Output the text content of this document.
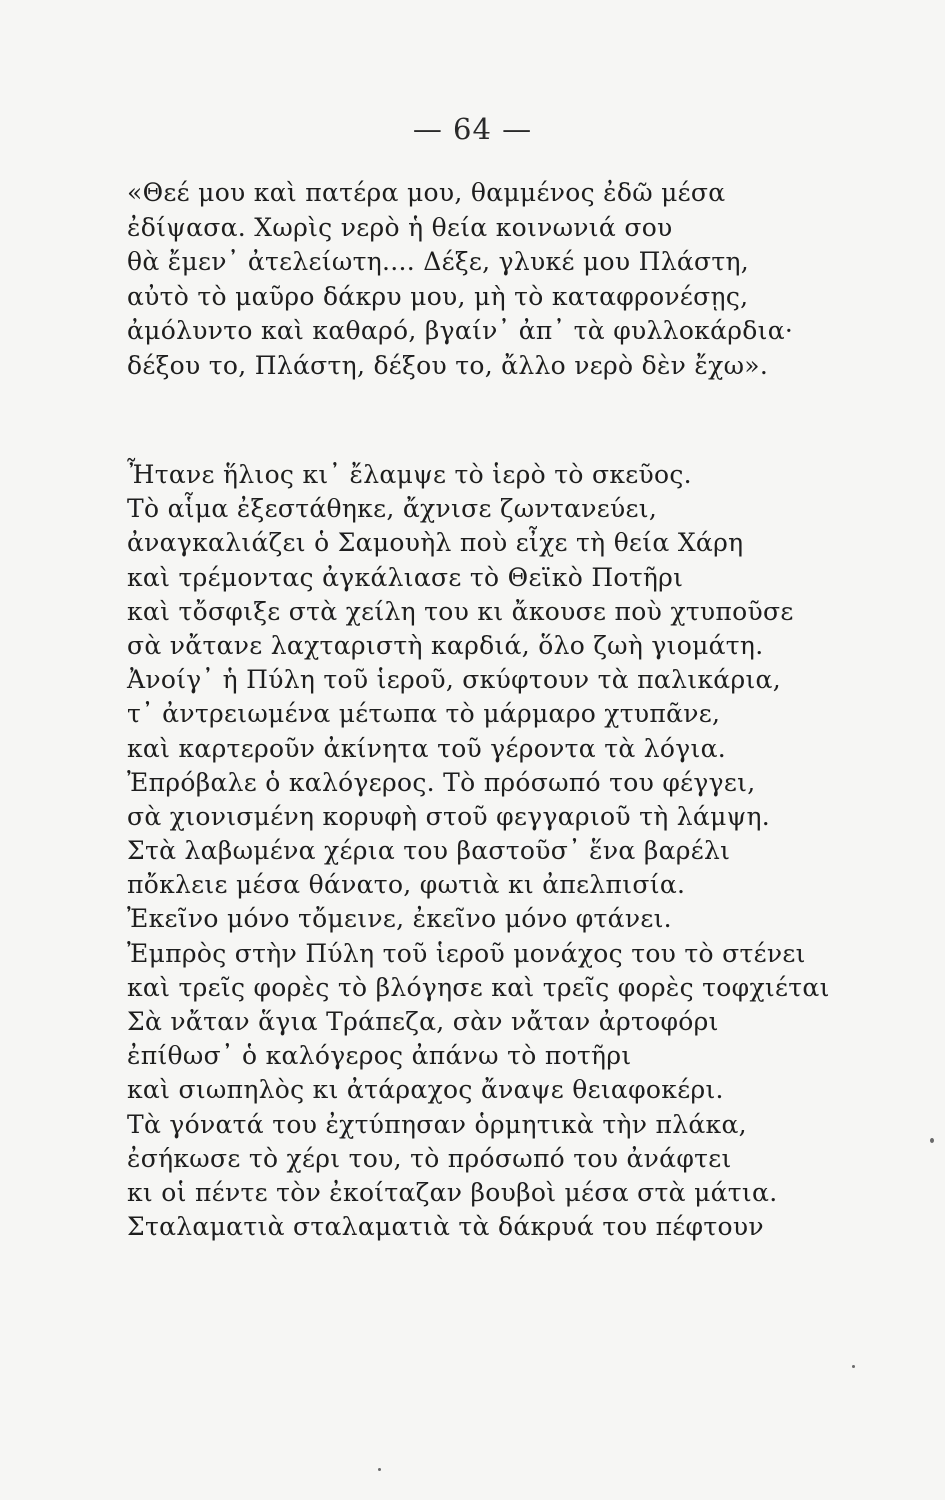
— 64 —
«Θεέ μου καὶ πατέρα μου, θαμμένος ἐδῶ μέσα
ἐδίψασα. Χωρὶς νερὸ ἡ θεία κοινωνιά σου
θὰ ἔμεν᾽ ἀτελείωτη.... Δέξε, γλυκέ μου Πλάστη,
αὐτὸ τὸ μαῦρο δάκρυ μου, μὴ τὸ καταφρονέσῃς,
ἀμόλυντο καὶ καθαρό, βγαίν᾽ ἀπ᾽ τὰ φυλλοκάρδια·
δέξου το, Πλάστη, δέξου το, ἄλλο νερὸ δὲν ἔχω».
Ἦτανε ἥλιος κι᾽ ἔλαμψε τὸ ἱερὸ τὸ σκεῦος.
Τὸ αἷμα ἐξεστάθηκε, ἄχνισε ζωντανεύει,
ἀναγκαλιάζει ὁ Σαμουὴλ ποὺ εἶχε τὴ θεία Χάρη
καὶ τρέμοντας ἀγκάλιασε τὸ Θεϊκὸ Ποτῆρι
καὶ τὄσφιξε στὰ χείλη του κι ἄκουσε ποὺ χτυποῦσε
σὰ νἄτανε λαχταριστὴ καρδιά, ὅλο ζωὴ γιομάτη.
Ἀνοίγ᾽ ἡ Πύλη τοῦ ἱεροῦ, σκύφτουν τὰ παλικάρια,
τ᾽ ἀντρειωμένα μέτωπα τὸ μάρμαρο χτυπᾶνε,
καὶ καρτεροῦν ἀκίνητα τοῦ γέροντα τὰ λόγια.
Ἐπρόβαλε ὁ καλόγερος. Τὸ πρόσωπό του φέγγει,
σὰ χιονισμένη κορυφὴ στοῦ φεγγαριοῦ τὴ λάμψη.
Στὰ λαβωμένα χέρια του βαστοῦσ᾽ ἕνα βαρέλι
πὄκλειε μέσα θάνατο, φωτιὰ κι ἀπελπισία.
Ἐκεῖνο μόνο τὄμεινε, ἐκεῖνο μόνο φτάνει.
Ἐμπρὸς στὴν Πύλη τοῦ ἱεροῦ μονάχος του τὸ στένει
καὶ τρεῖς φορὲς τὸ βλόγησε καὶ τρεῖς φορὲς τοφχιέται
Σὰ νἄταν ἅγια Τράπεζα, σὰν νἄταν ἀρτοφόρι
ἐπίθωσ᾽ ὁ καλόγερος ἀπάνω τὸ ποτῆρι
καὶ σιωπηλὸς κι ἀτάραχος ἄναψε θειαφοκέρι.
Τὰ γόνατά του ἐχτύπησαν ὁρμητικὰ τὴν πλάκα,
ἐσήκωσε τὸ χέρι του, τὸ πρόσωπό του ἀνάφτει
κι οἱ πέντε τὸν ἐκοίταζαν βουβοὶ μέσα στὰ μάτια.
Σταλαματιὰ σταλαματιὰ τὰ δάκρυά του πέφτουν
